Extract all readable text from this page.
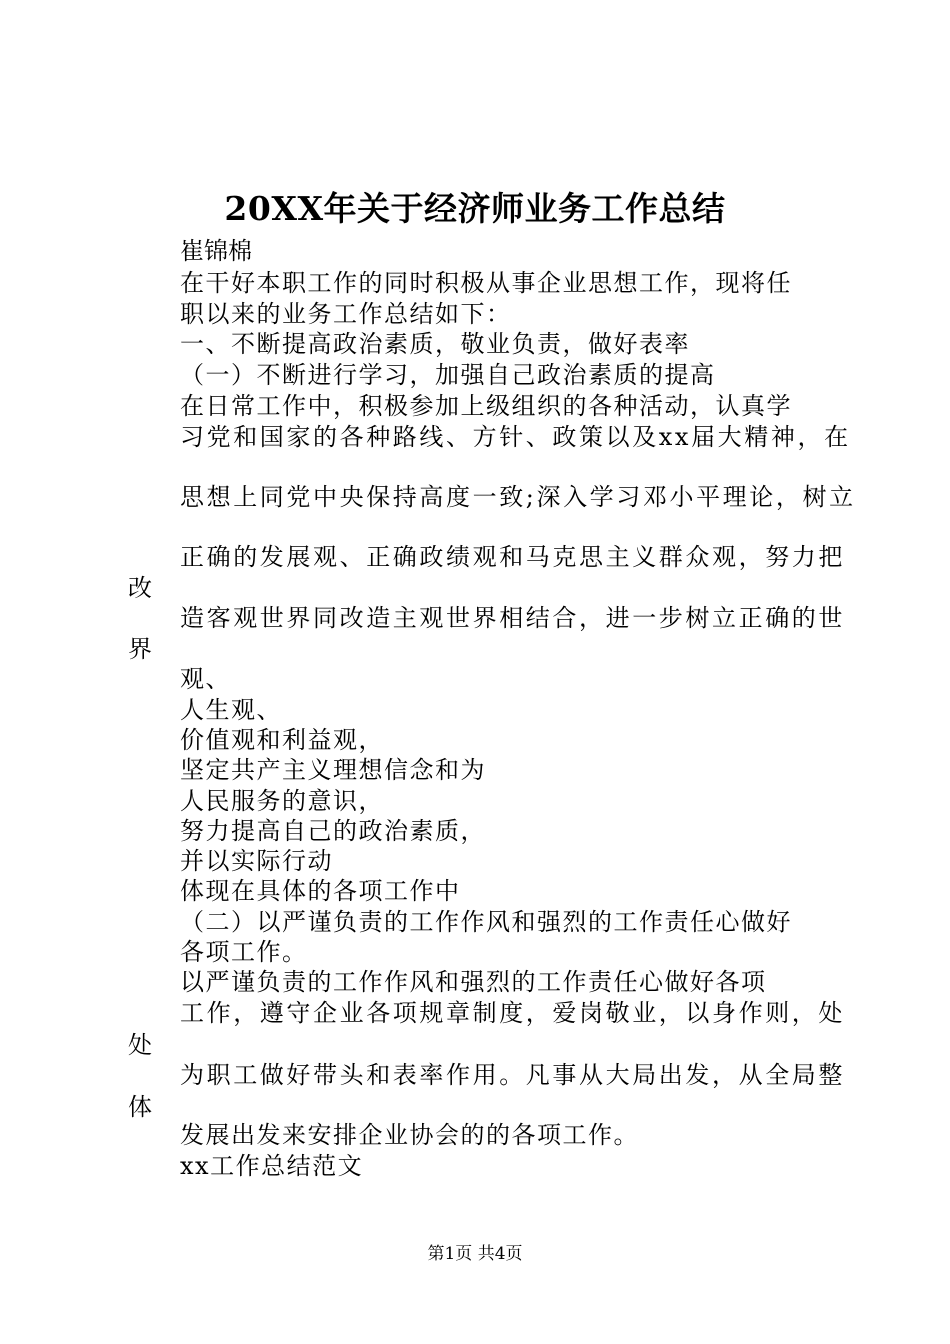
20XX年关于经济师业务工作总结
崔锦棉
在干好本职工作的同时积极从事企业思想工作，现将任
职以来的业务工作总结如下：
一、不断提高政治素质，敬业负责，做好表率
（一）不断进行学习，加强自己政治素质的提高
在日常工作中，积极参加上级组织的各种活动，认真学
习党和国家的各种路线、方针、政策以及xx届大精神，在
思想上同党中央保持高度一致;深入学习邓小平理论，树立
正确的发展观、正确政绩观和马克思主义群众观，努力把
改
造客观世界同改造主观世界相结合，进一步树立正确的世
界
观、
人生观、
价值观和利益观，
坚定共产主义理想信念和为
人民服务的意识，
努力提高自己的政治素质，
并以实际行动
体现在具体的各项工作中
（二）以严谨负责的工作作风和强烈的工作责任心做好
各项工作。
以严谨负责的工作作风和强烈的工作责任心做好各项
工作，遵守企业各项规章制度，爱岗敬业，以身作则，处
处
为职工做好带头和表率作用。凡事从大局出发，从全局整
体
发展出发来安排企业协会的的各项工作。
xx工作总结范文
第1页 共4页
